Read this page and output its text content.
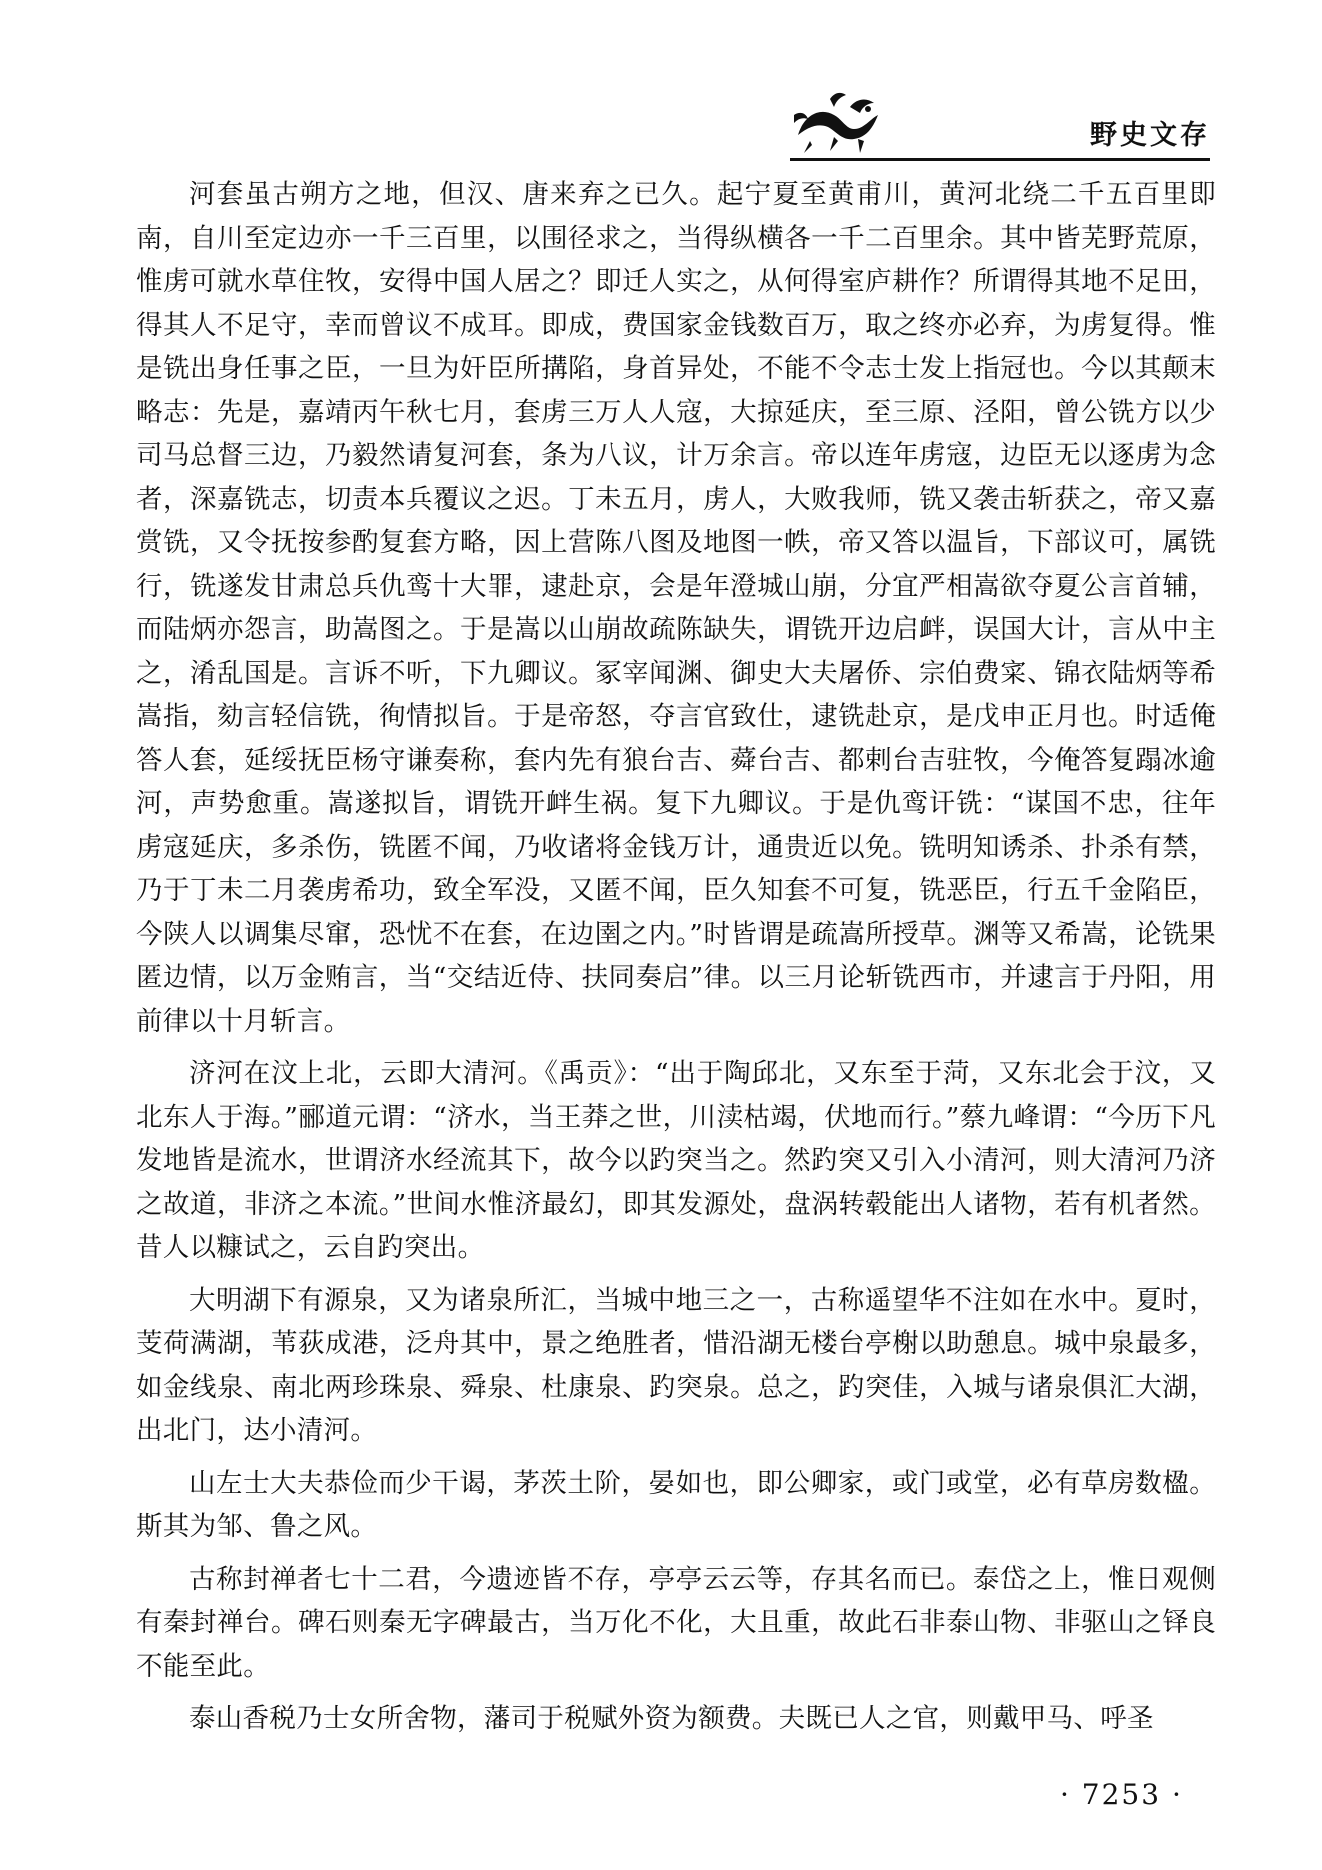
野史文存

河套虽古朔方之地，但汉、唐来弃之已久。起宁夏至黄甫川，黄河北绕二千五百里即南，自川至定边亦一千三百里，以围径求之，当得纵横各一千二百里余。其中皆芜野荒原，惟虏可就水草住牧，安得中国人居之？即迁人实之，从何得室庐耕作？所谓得其地不足田，得其人不足守，幸而曾议不成耳。即成，费国家金钱数百万，取之终亦必弃，为虏复得。惟是铣出身任事之臣，一旦为奸臣所搆陷，身首异处，不能不令志士发上指冠也。今以其颠末略志：先是，嘉靖丙午秋七月，套虏三万人人寇，大掠延庆，至三原、泾阳，曾公铣方以少司马总督三边，乃毅然请复河套，条为八议，计万余言。帝以连年虏寇，边臣无以逐虏为念者，深嘉铣志，切责本兵覆议之迟。丁未五月，虏人，大败我师，铣又袭击斩获之，帝又嘉赏铣，又令抚按参酌复套方略，因上营陈八图及地图一帙，帝又答以温旨，下部议可，属铣行，铣遂发甘肃总兵仇鸾十大罪，逮赴京，会是年澄城山崩，分宜严相嵩欲夺夏公言首辅，而陆炳亦怨言，助嵩图之。于是嵩以山崩故疏陈缺失，谓铣开边启衅，误国大计，言从中主之，淆乱国是。言诉不听，下九卿议。冢宰闻渊、御史大夫屠侨、宗伯费寀、锦衣陆炳等希嵩指，劾言轻信铣，徇情拟旨。于是帝怒，夺言官致仕，逮铣赴京，是戊申正月也。时适俺答人套，延绥抚臣杨守谦奏称，套内先有狼台吉、蕣台吉、都剌台吉驻牧，今俺答复蹋冰逾河，声势愈重。嵩遂拟旨，谓铣开衅生祸。复下九卿议。于是仇鸾讦铣：“谋国不忠，往年虏寇延庆，多杀伤，铣匿不闻，乃收诸将金钱万计，通贵近以免。铣明知诱杀、扑杀有禁，乃于丁未二月袭虏希功，致全军没，又匿不闻，臣久知套不可复，铣恶臣，行五千金陷臣，今陕人以调集尽窜，恐忧不在套，在边圉之内。”时皆谓是疏嵩所授草。渊等又希嵩，论铣果匿边情，以万金贿言，当“交结近侍、扶同奏启”律。以三月论斩铣西市，并逮言于丹阳，用前律以十月斩言。

济河在汶上北，云即大清河。《禹贡》：“出于陶邱北，又东至于菏，又东北会于汶，又北东人于海。”郦道元谓：“济水，当王莽之世，川渎枯竭，伏地而行。”蔡九峰谓：“今历下凡发地皆是流水，世谓济水经流其下，故今以趵突当之。然趵突又引入小清河，则大清河乃济之故道，非济之本流。”世间水惟济最幻，即其发源处，盘涡转毂能出人诸物，若有机者然。昔人以糠试之，云自趵突出。

大明湖下有源泉，又为诸泉所汇，当城中地三之一，古称遥望华不注如在水中。夏时，芰荷满湖，苇荻成港，泛舟其中，景之绝胜者，惜沿湖无楼台亭榭以助憩息。城中泉最多，如金线泉、南北两珍珠泉、舜泉、杜康泉、趵突泉。总之，趵突佳，入城与诸泉俱汇大湖，出北门，达小清河。

山左士大夫恭俭而少干谒，茅茨土阶，晏如也，即公卿家，或门或堂，必有草房数楹。斯其为邹、鲁之风。

古称封禅者七十二君，今遗迹皆不存，亭亭云云等，存其名而已。泰岱之上，惟日观侧有秦封禅台。碑石则秦无字碑最古，当万化不化，大且重，故此石非泰山物、非驱山之铎良不能至此。

泰山香税乃士女所舍物，藩司于税赋外资为额费。夫既已人之官，则戴甲马、呼圣

· 7253 ·
